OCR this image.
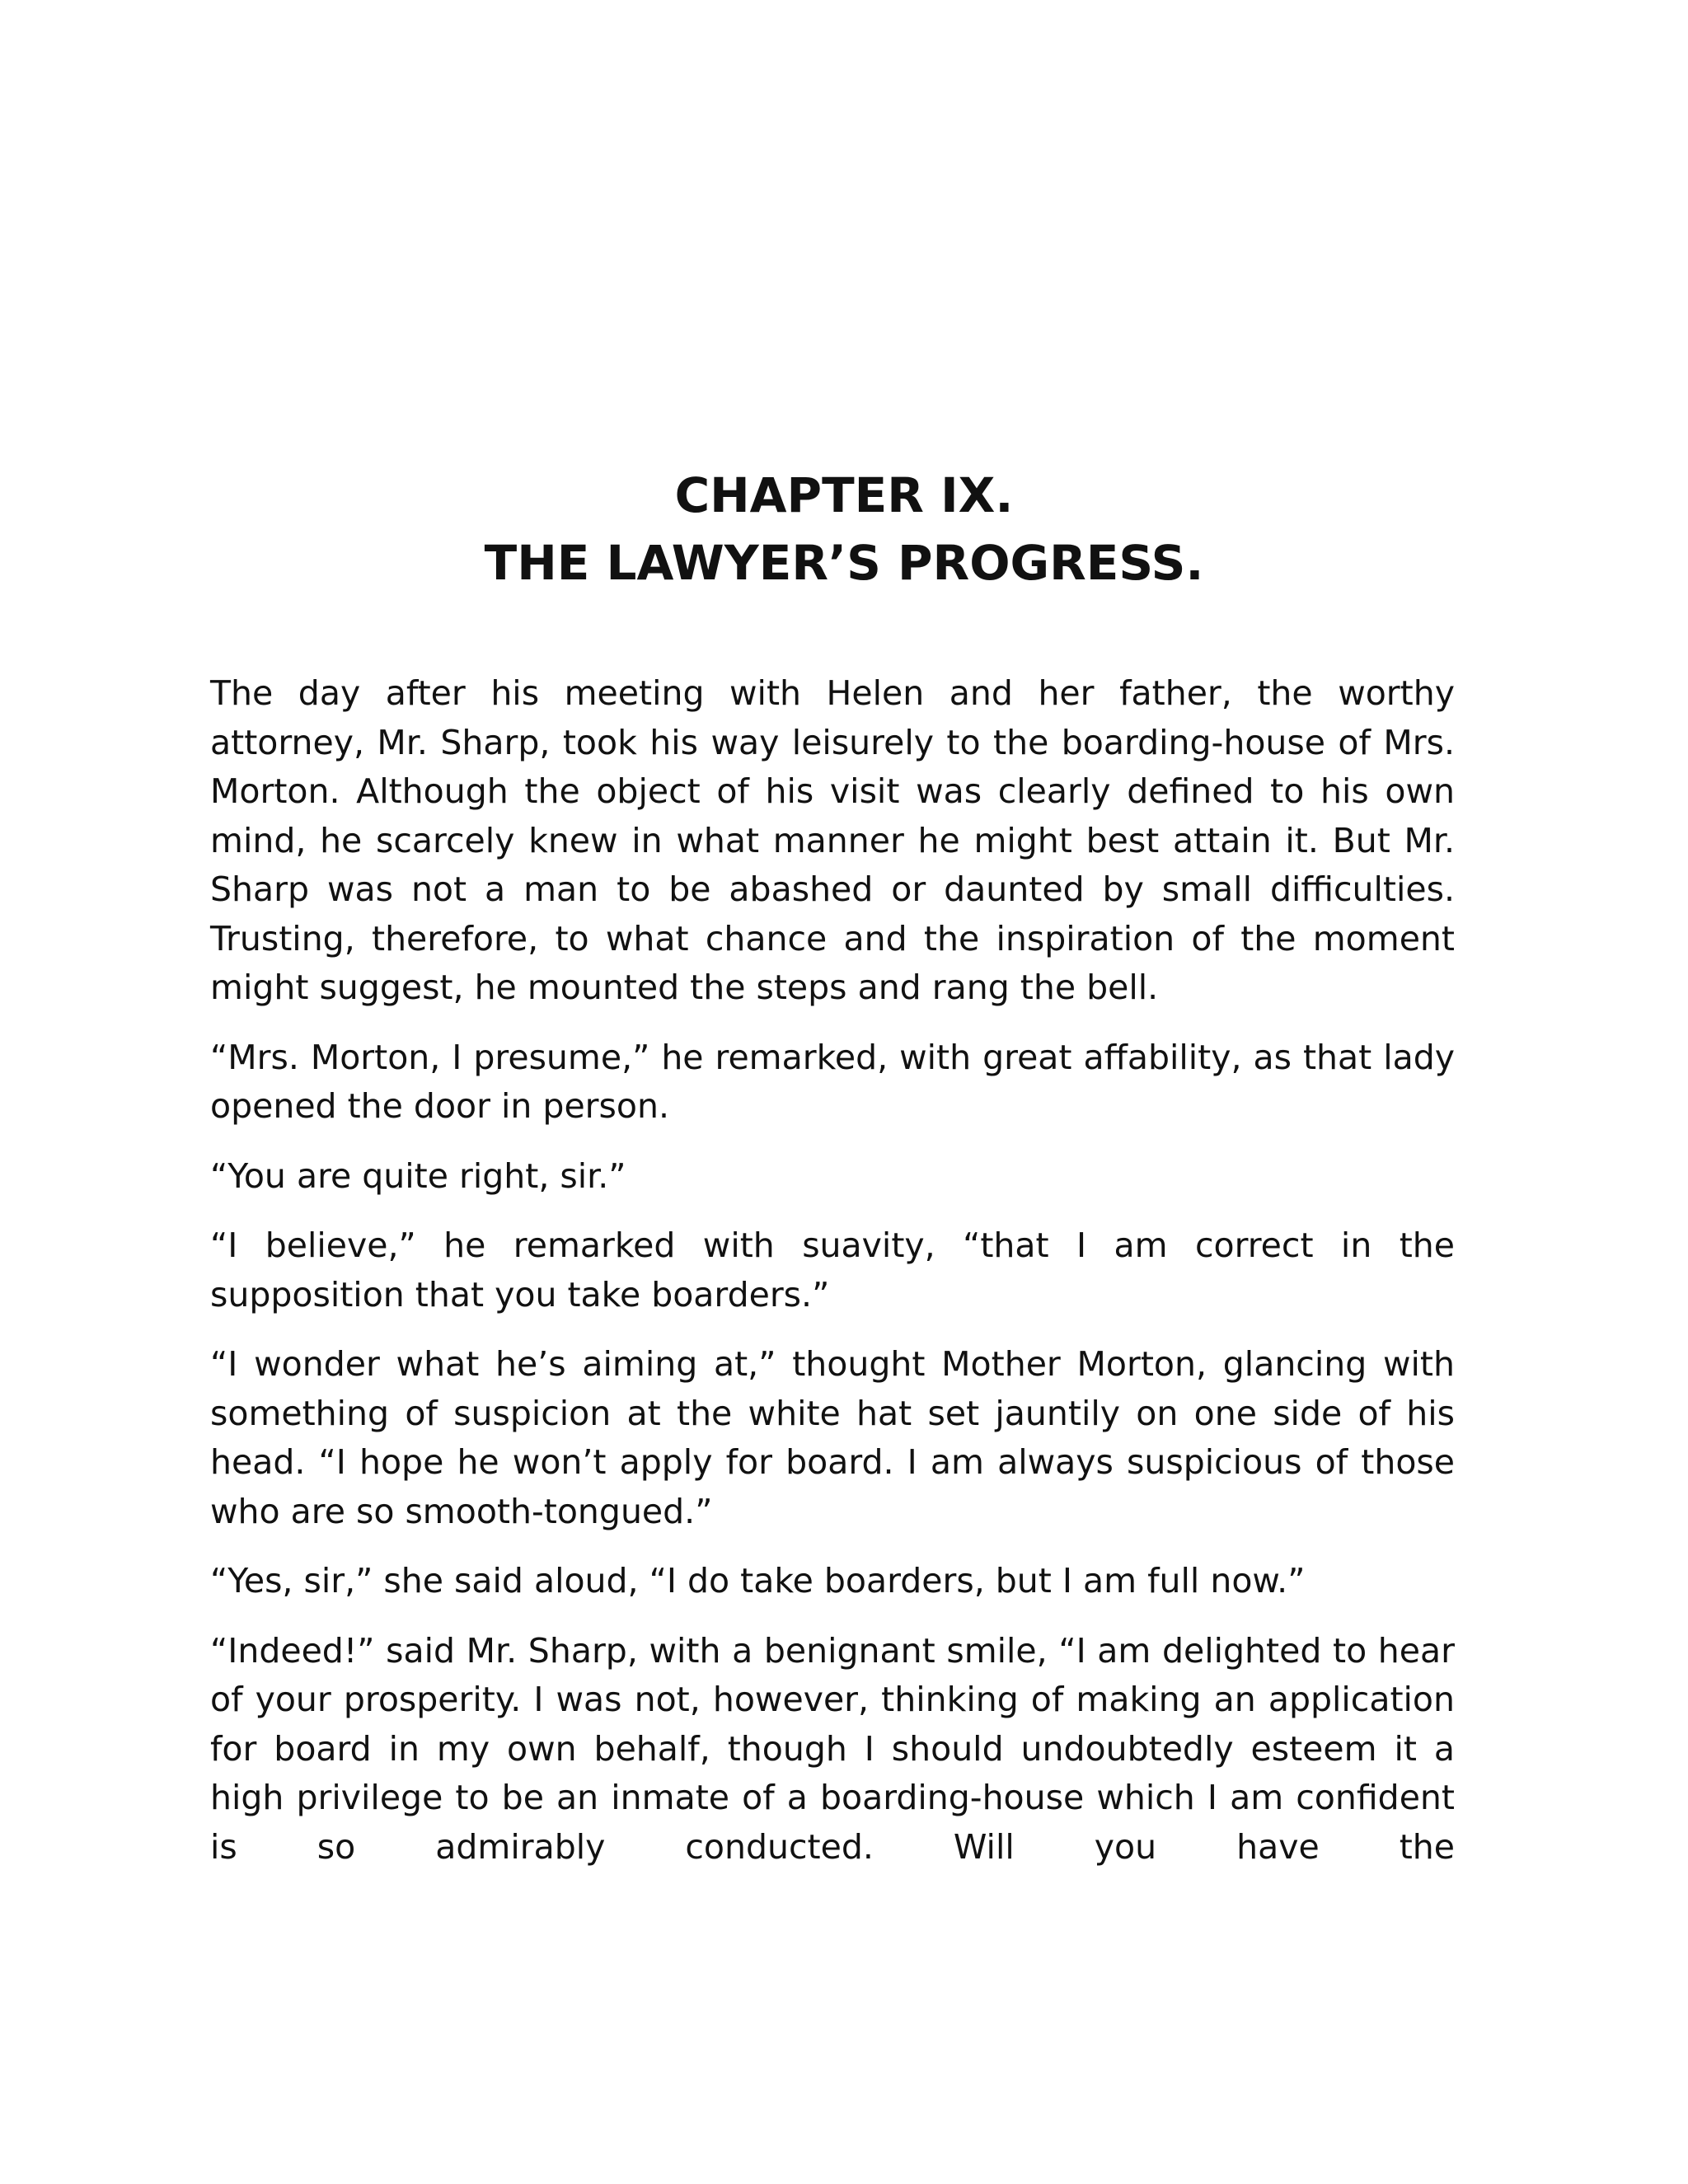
CHAPTER IX.
THE LAWYER’S PROGRESS.

The day after his meeting with Helen and her father, the worthy attorney, Mr. Sharp, took his way leisurely to the boarding-house of Mrs. Morton. Although the object of his visit was clearly defined to his own mind, he scarcely knew in what manner he might best attain it. But Mr. Sharp was not a man to be abashed or daunted by small difficulties. Trusting, therefore, to what chance and the inspiration of the moment might suggest, he mounted the steps and rang the bell.

“Mrs. Morton, I presume,” he remarked, with great affability, as that lady opened the door in person.

“You are quite right, sir.”

“I believe,” he remarked with suavity, “that I am correct in the supposition that you take boarders.”

“I wonder what he’s aiming at,” thought Mother Morton, glancing with something of suspicion at the white hat set jauntily on one side of his head. “I hope he won’t apply for board. I am always suspicious of those who are so smooth-tongued.”

“Yes, sir,” she said aloud, “I do take boarders, but I am full now.”

“Indeed!” said Mr. Sharp, with a benignant smile, “I am delighted to hear of your prosperity. I was not, however, thinking of making an application for board in my own behalf, though I should undoubtedly esteem it a high privilege to be an inmate of a boarding-house which I am confident is so admirably conducted. Will you have the
